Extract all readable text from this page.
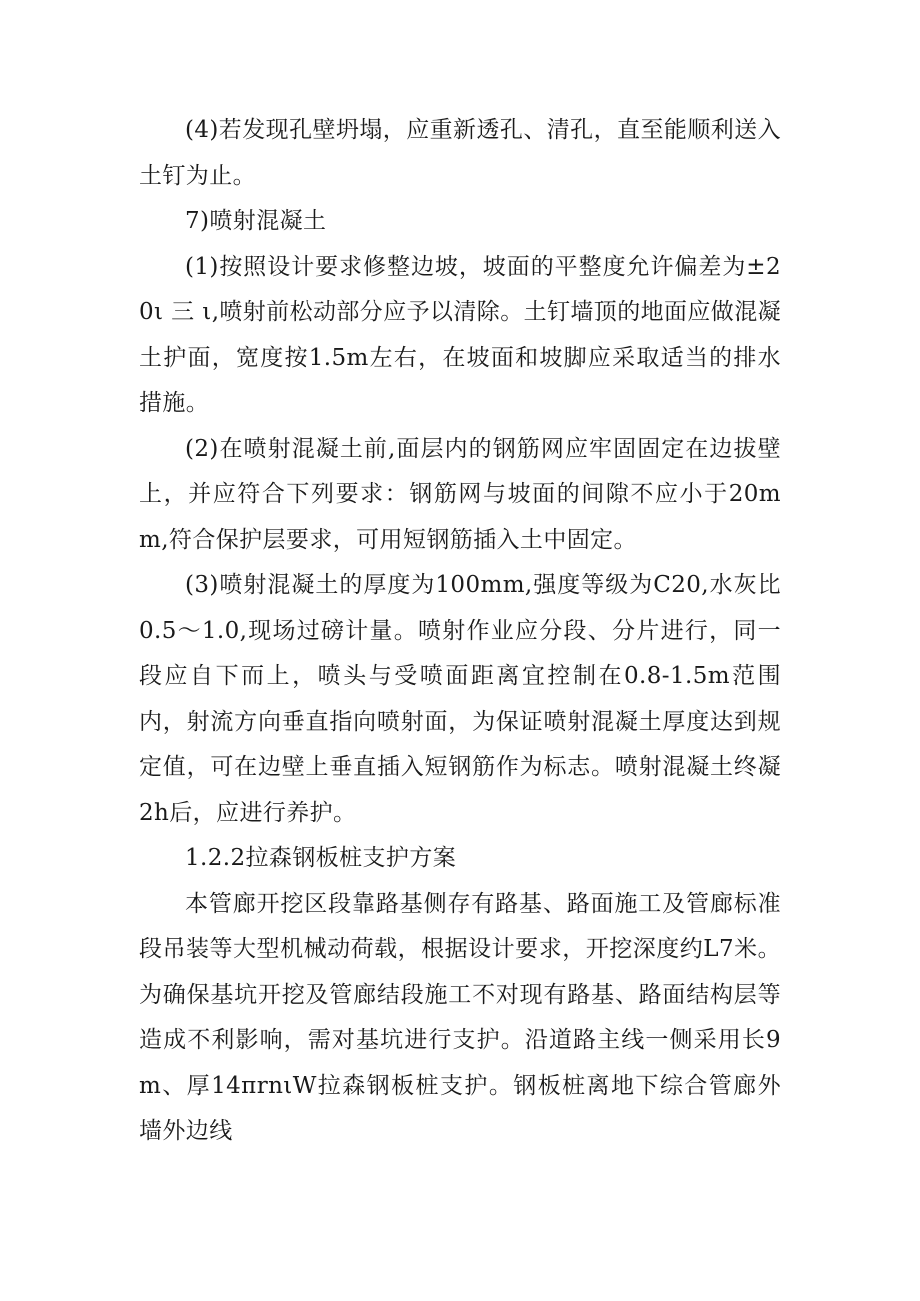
(4)若发现孔壁坍塌，应重新透孔、清孔，直至能顺利送入土钉为止。

7)喷射混凝土

(1)按照设计要求修整边坡，坡面的平整度允许偏差为±20ι 三 ι,喷射前松动部分应予以清除。土钉墙顶的地面应做混凝土护面，宽度按1.5m左右，在坡面和坡脚应采取适当的排水措施。

(2)在喷射混凝土前,面层内的钢筋网应牢固固定在边拔壁上，并应符合下列要求：钢筋网与坡面的间隙不应小于20mm,符合保护层要求，可用短钢筋插入土中固定。

(3)喷射混凝土的厚度为100mm,强度等级为C20,水灰比0.5～1.0,现场过磅计量。喷射作业应分段、分片进行，同一段应自下而上，喷头与受喷面距离宜控制在0.8-1.5m范围内，射流方向垂直指向喷射面，为保证喷射混凝土厚度达到规定值，可在边壁上垂直插入短钢筋作为标志。喷射混凝土终凝2h后，应进行养护。

1.2.2拉森钢板桩支护方案

本管廊开挖区段靠路基侧存有路基、路面施工及管廊标准段吊装等大型机械动荷载，根据设计要求，开挖深度约L7米。为确保基坑开挖及管廊结段施工不对现有路基、路面结构层等造成不利影响，需对基坑进行支护。沿道路主线一侧采用长9m、厚14πrnιW拉森钢板桩支护。钢板桩离地下综合管廊外墙外边线
